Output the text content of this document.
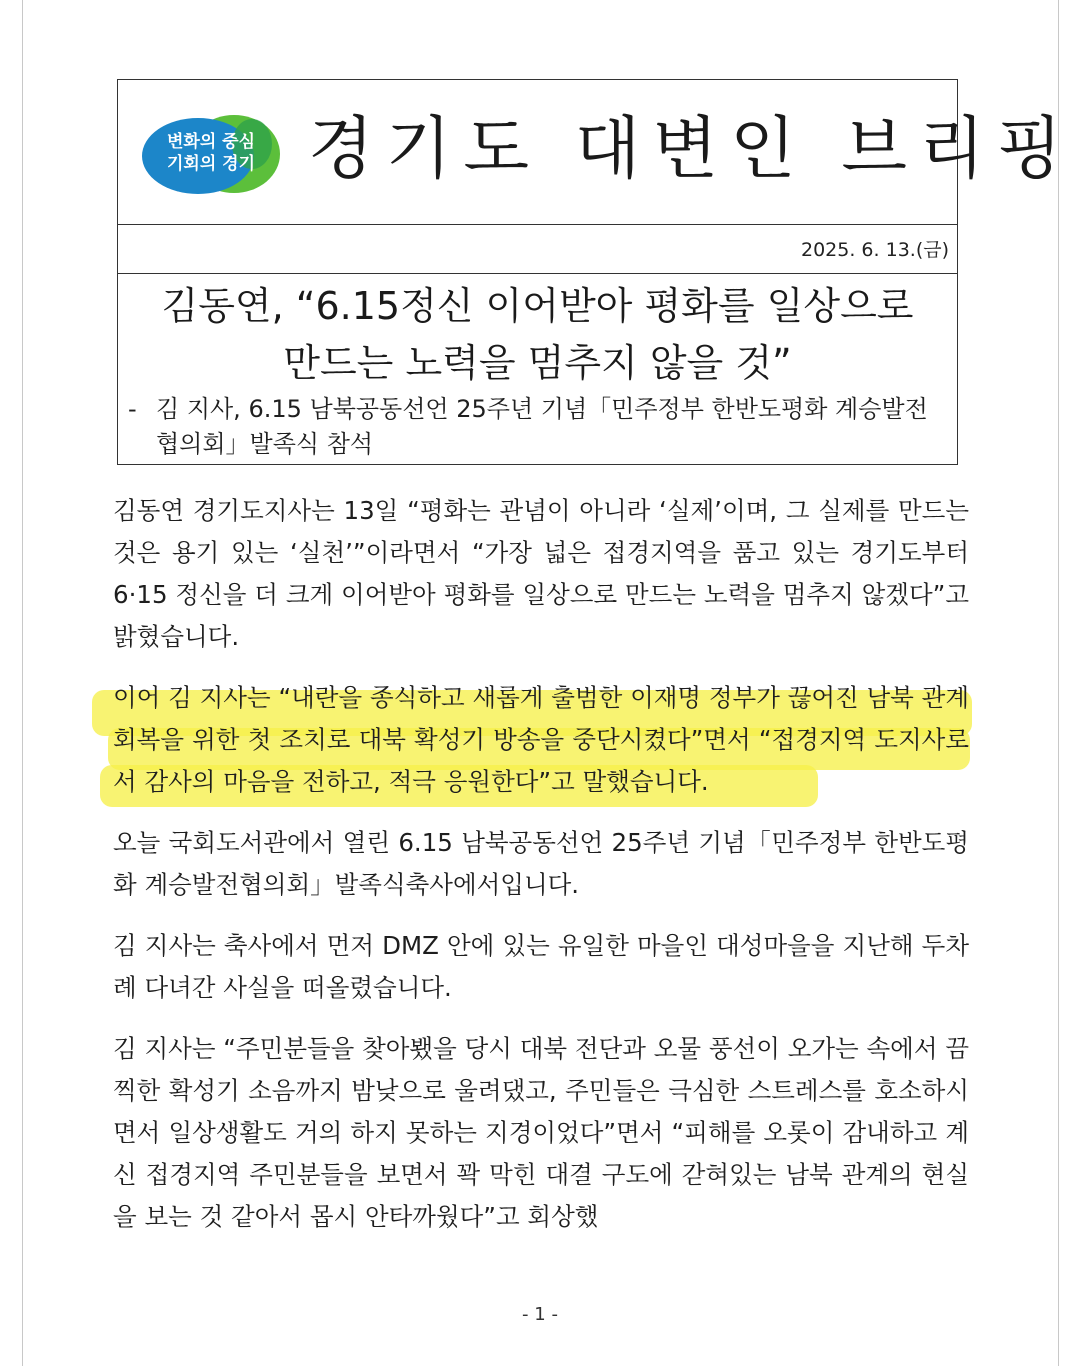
변화의 중심
기회의 경기 경기도 대변인 브리핑
2025. 6. 13.(금)
김동연, “6.15정신 이어받아 평화를 일상으로
만드는 노력을 멈추지 않을 것”
- 김 지사, 6.15 남북공동선언 25주년 기념「민주정부 한반도평화 계승발전협의회」발족식 참석

김동연 경기도지사는 13일 “평화는 관념이 아니라 ‘실제’이며, 그 실제를 만드는 것은 용기 있는 ‘실천’”이라면서 “가장 넓은 접경지역을 품고 있는 경기도부터 6·15 정신을 더 크게 이어받아 평화를 일상으로 만드는 노력을 멈추지 않겠다”고 밝혔습니다.

이어 김 지사는 “내란을 종식하고 새롭게 출범한 이재명 정부가 끊어진 남북 관계 회복을 위한 첫 조치로 대북 확성기 방송을 중단시켰다”면서 “접경지역 도지사로서 감사의 마음을 전하고, 적극 응원한다”고 말했습니다.

오늘 국회도서관에서 열린 6.15 남북공동선언 25주년 기념「민주정부 한반도평화 계승발전협의회」발족식축사에서입니다.

김 지사는 축사에서 먼저 DMZ 안에 있는 유일한 마을인 대성마을을 지난해 두차례 다녀간 사실을 떠올렸습니다.

김 지사는 “주민분들을 찾아뵀을 당시 대북 전단과 오물 풍선이 오가는 속에서 끔찍한 확성기 소음까지 밤낮으로 울려댔고, 주민들은 극심한 스트레스를 호소하시면서 일상생활도 거의 하지 못하는 지경이었다”면서 “피해를 오롯이 감내하고 계신 접경지역 주민분들을 보면서 꽉 막힌 대결 구도에 갇혀있는 남북 관계의 현실을 보는 것 같아서 몹시 안타까웠다”고 회상했

- 1 -
